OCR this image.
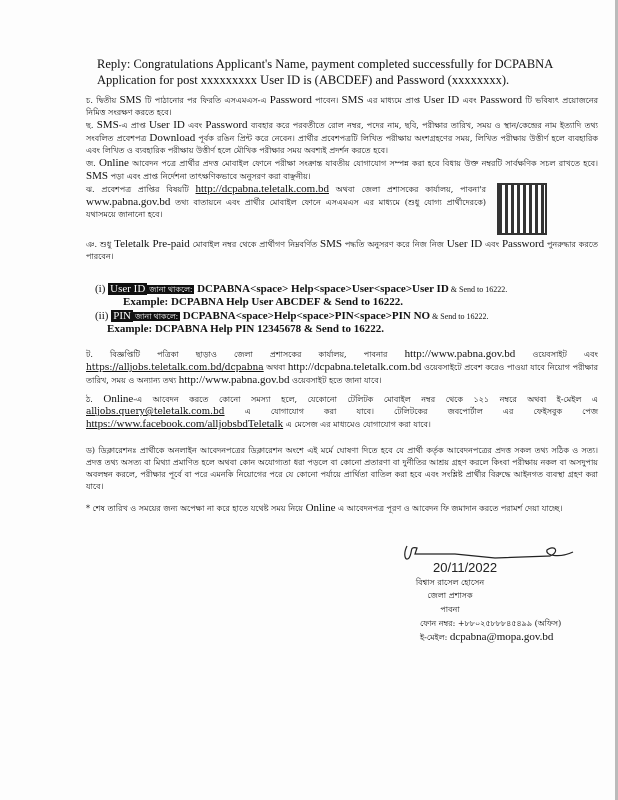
Reply: Congratulations Applicant's Name, payment completed successfully for DCPABNA Application for post xxxxxxxxx User ID is (ABCDEF) and Password (xxxxxxxx).
চ. দ্বিতীয় SMS টি পাঠানোর পর ফিরতি এসএমএস-এ Password পাবেন। SMS এর মাধ্যমে প্রাপ্ত User ID এবং Password টি ভবিষ্যৎ প্রয়োজনের নিমিত্ত সংরক্ষণ করতে হবে।
ছ. SMS-এ প্রাপ্ত User ID এবং Password ব্যবহার করে পরবর্তীতে রোল নম্বর, পদের নাম, ছবি, পরীক্ষার তারিখ, সময় ও স্থান/কেন্দ্রের নাম ইত্যাদি তথ্য সংবলিত প্রবেশপত্র Download পূর্বক রঙিন প্রিন্ট করে নেবেন। প্রার্থীর প্রবেশপত্রটি লিখিত পরীক্ষায় অংশগ্রহণের সময়, লিখিত পরীক্ষায় উত্তীর্ণ হলে ব্যবহারিক এবং লিখিত ও ব্যবহারিক পরীক্ষায় উত্তীর্ণ হলে মৌখিক পরীক্ষার সময় অবশ্যই প্রদর্শন করতে হবে।
জ. Online আবেদন পত্রে প্রার্থীর প্রদত্ত মোবাইল ফোনে পরীক্ষা সংক্রান্ত যাবতীয় যোগাযোগ সম্পন্ন করা হবে বিধায় উক্ত নম্বরটি সার্বক্ষণিক সচল রাখতে হবে। SMS পড়া এবং প্রাপ্ত নির্দেশনা তাৎক্ষণিকভাবে অনুসরণ করা বাঞ্ছনীয়।
ঝ. প্রবেশপত্র প্রাপ্তির বিষয়টি http://dcpabna.teletalk.com.bd অথবা জেলা প্রশাসকের কার্যালয়, পাবনা'র www.pabna.gov.bd তথ্য বাতায়নে এবং প্রার্থীর মোবাইল ফোনে এসএমএস এর মাধ্যমে (শুধু যোগ্য প্রার্থীদেরকে) যথাসময়ে জানানো হবে।
ঞ. শুধু Teletalk Pre-paid মোবাইল নম্বর থেকে প্রার্থীগণ নিম্নবর্ণিত SMS পদ্ধতি অনুসরণ করে নিজ নিজ User ID এবং Password পুনরুদ্ধার করতে পারবেন।
(i) User ID জানা থাকলে: DCPABNA<space> Help<space>User<space>User ID & Send to 16222.
Example: DCPABNA Help User ABCDEF & Send to 16222.
(ii) PIN জানা থাকলে: DCPABNA<space>Help<space>PIN<space>PIN NO & Send to 16222.
Example: DCPABNA Help PIN 12345678 & Send to 16222.
ট. বিজ্ঞপ্তিটি পত্রিকা ছাড়াও জেলা প্রশাসকের কার্যালয়, পাবনার http://www.pabna.gov.bd ওয়েবসাইট এবং https://alljobs.teletalk.com.bd/dcpabna অথবা http://dcpabna.teletalk.com.bd ওয়েবসাইটে প্রবেশ করেও পাওয়া যাবে নিয়োগ পরীক্ষার তারিখ, সময় ও অন্যান্য তথ্য http://www.pabna.gov.bd ওয়েবসাইট হতে জানা যাবে।
ঠ. Online-এ আবেদন করতে কোনো সমস্যা হলে, যেকোনো টেলিটক মোবাইল নম্বর থেকে ১২১ নম্বরে অথবা ই-মেইল এ alljobs.query@teletalk.com.bd এ যোগাযোগ করা যাবে। টেলিটকের জবপোর্টাল এর ফেইসবুক পেজ https://www.facebook.com/alljobsbdTeletalk এ মেসেজ এর মাধ্যমেও যোগাযোগ করা যাবে।
ড) ডিক্লারেশনঃ প্রার্থীকে অনলাইন আবেদনপত্রের ডিক্লারেশন অংশে এই মর্মে ঘোষণা দিতে হবে যে প্রার্থী কর্তৃক আবেদনপত্রের প্রদত্ত সকল তথ্য সঠিক ও সত্য। প্রদত্ত তথ্য অসত্য বা মিথ্যা প্রমাণিত হলে অথবা কোন অযোগ্যতা ধরা পড়লে বা কোনো প্রতারণা বা দুর্নীতির আশ্রয় গ্রহণ করলে কিংবা পরীক্ষায় নকল বা অসদুপায় অবলম্বন করলে, পরীক্ষার পূর্বে বা পরে এমনকি নিয়োগের পরে যে কোনো পর্যায়ে প্রার্থিতা বাতিল করা হবে এবং সংশ্লিষ্ট প্রার্থীর বিরুদ্ধে আইনগত ব্যবস্থা গ্রহণ করা যাবে।
* শেষ তারিখ ও সময়ের জন্য অপেক্ষা না করে হাতে যথেষ্ট সময় নিয়ে Online এ আবেদনপত্র পূরণ ও আবেদন ফি জমাদান করতে পরামর্শ দেয়া যাচ্ছে।
20/11/2022
বিশ্বাস রাসেল হোসেন
জেলা প্রশাসক
পাবনা
ফোন নম্বর: +৮৮০২৫৮৮৮৪৫৪৯৯ (অফিস)
ই-মেইল: dcpabna@mopa.gov.bd
